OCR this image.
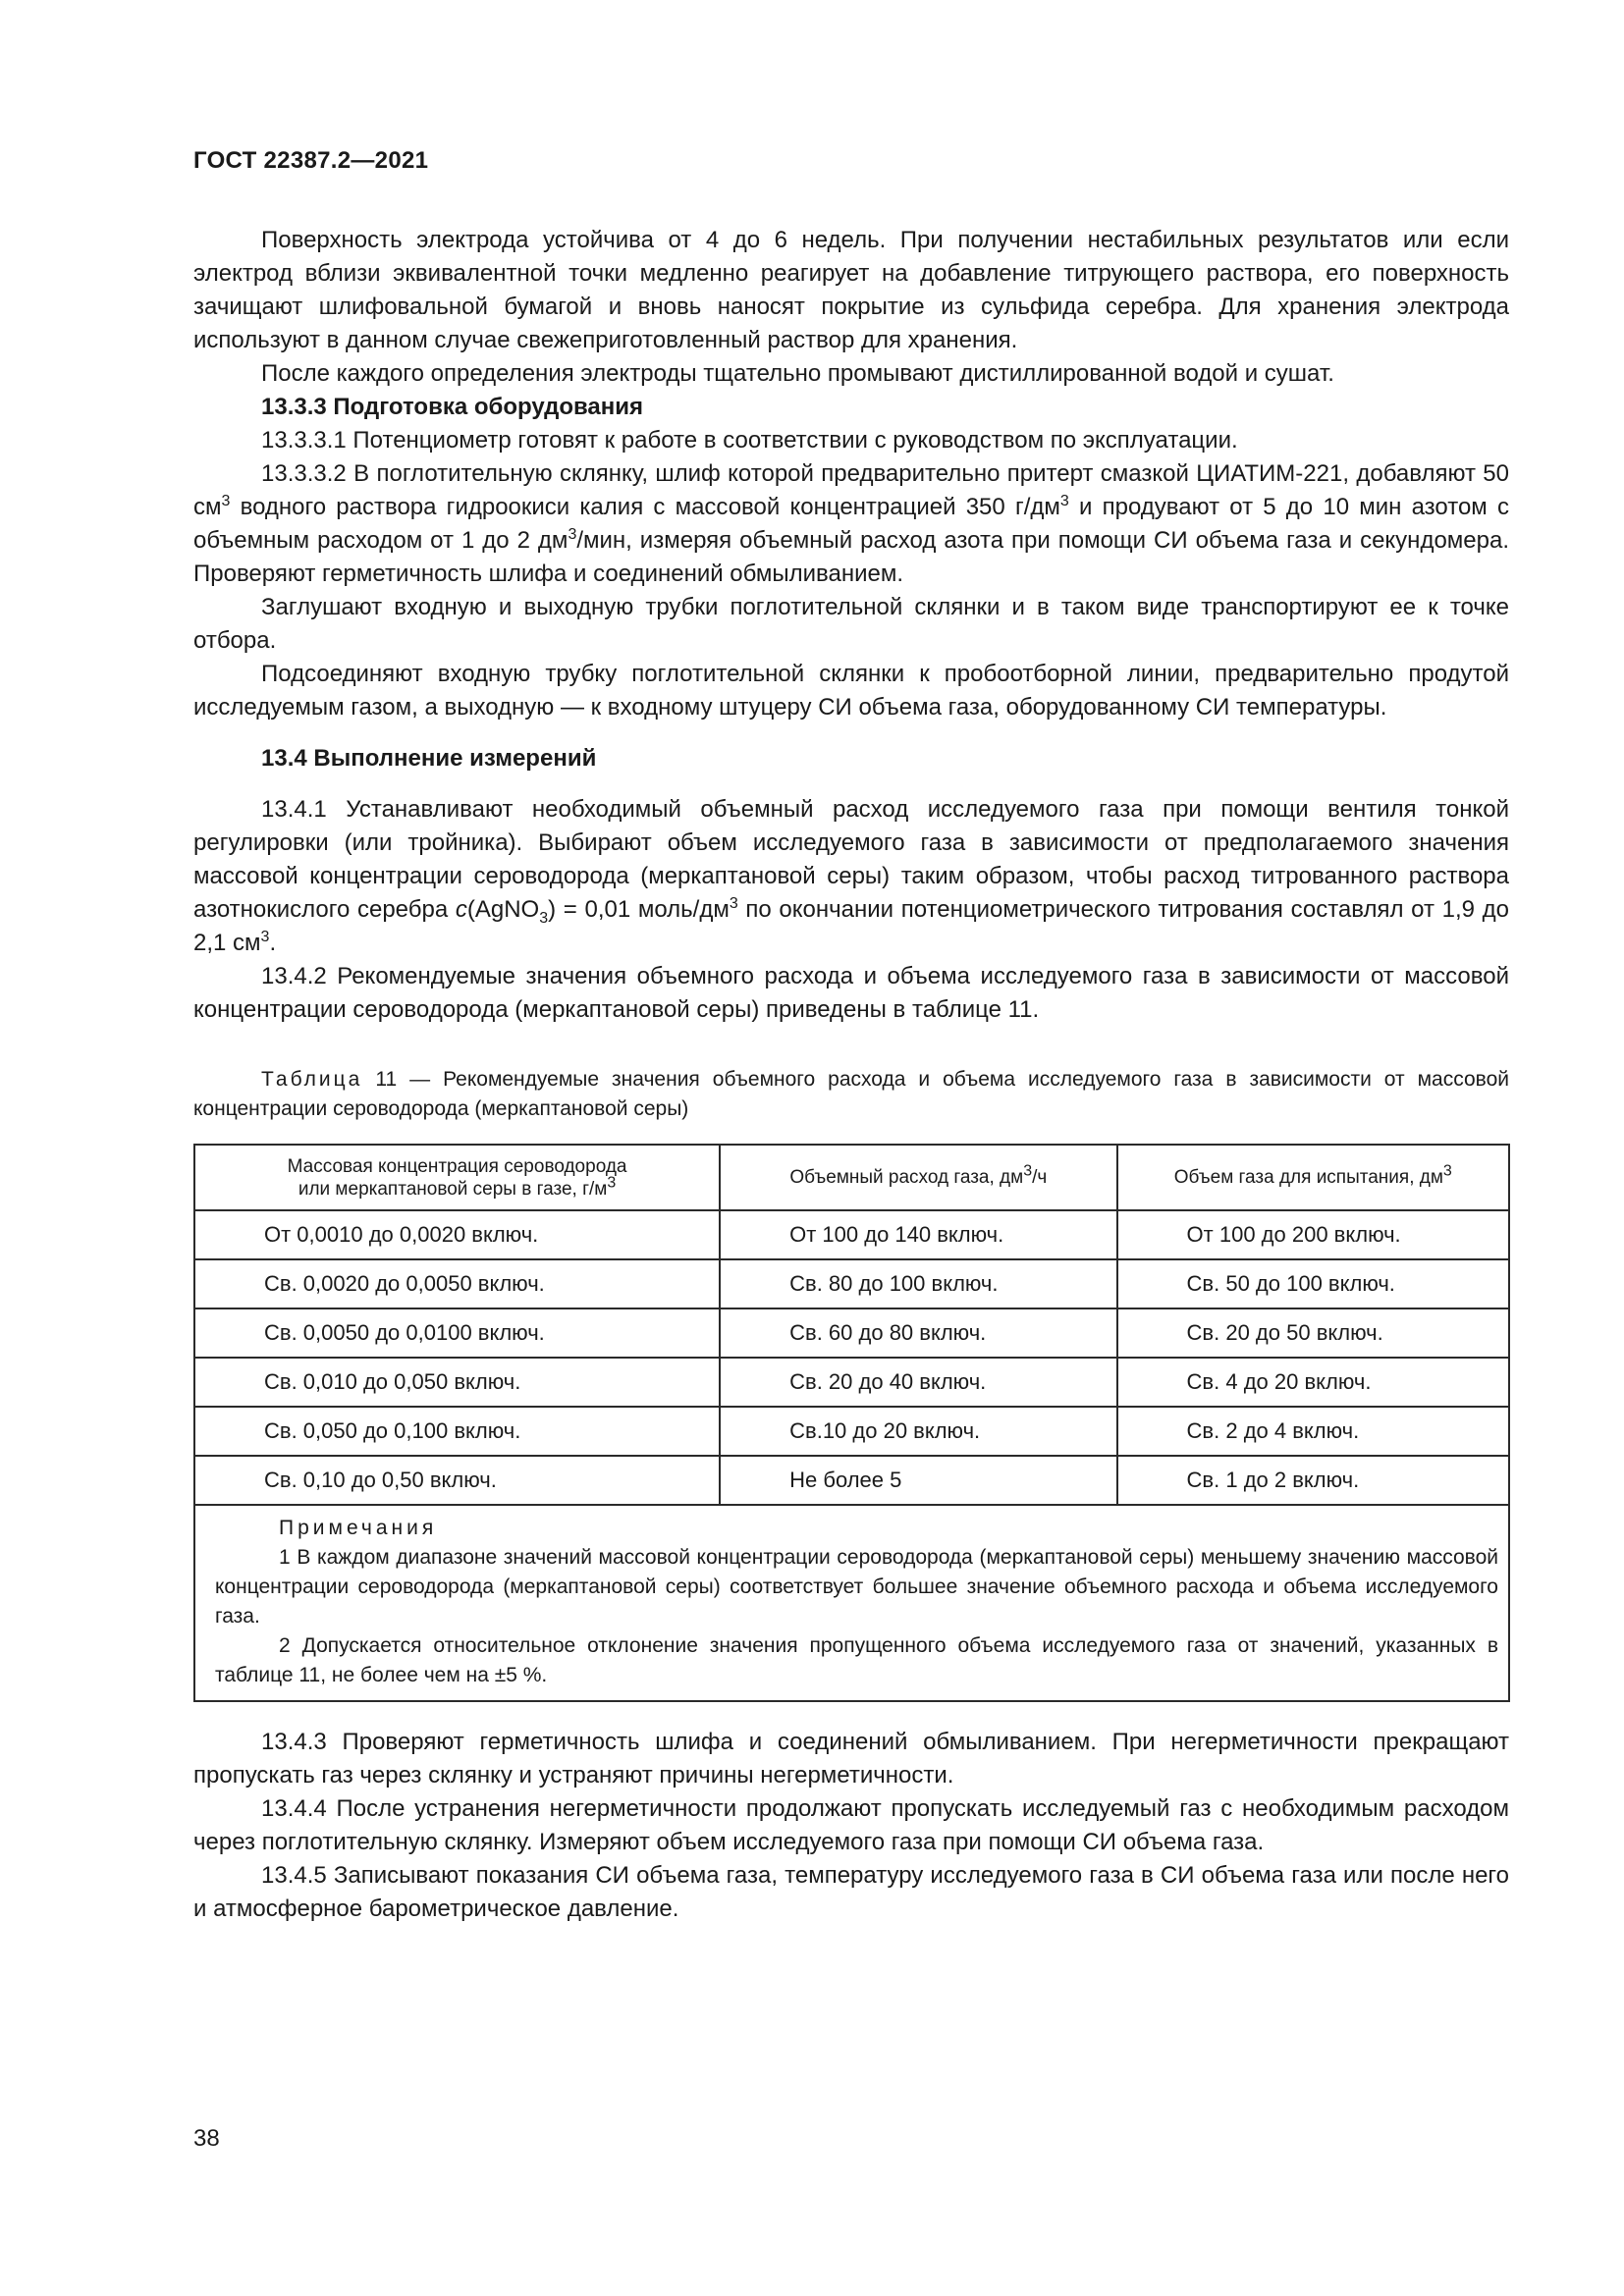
ГОСТ 22387.2—2021

Поверхность электрода устойчива от 4 до 6 недель. При получении нестабильных результатов или если электрод вблизи эквивалентной точки медленно реагирует на добавление титрующего раствора, его поверхность зачищают шлифовальной бумагой и вновь наносят покрытие из сульфида серебра. Для хранения электрода используют в данном случае свежеприготовленный раствор для хранения.

После каждого определения электроды тщательно промывают дистиллированной водой и сушат.

13.3.3 Подготовка оборудования

13.3.3.1 Потенциометр готовят к работе в соответствии с руководством по эксплуатации.

13.3.3.2 В поглотительную склянку, шлиф которой предварительно притерт смазкой ЦИАТИМ-221, добавляют 50 $см^3$ водного раствора гидроокиси калия с массовой концентрацией 350 $г/дм^3$ и продувают от 5 до 10 мин азотом с объемным расходом от 1 до 2 $дм^3$/мин, измеряя объемный расход азота при помощи СИ объема газа и секундомера. Проверяют герметичность шлифа и соединений обмыливанием.

Заглушают входную и выходную трубки поглотительной склянки и в таком виде транспортируют ее к точке отбора.

Подсоединяют входную трубку поглотительной склянки к пробоотборной линии, предварительно продутой исследуемым газом, а выходную — к входному штуцеру СИ объема газа, оборудованному СИ температуры.

13.4 Выполнение измерений

13.4.1 Устанавливают необходимый объемный расход исследуемого газа при помощи вентиля тонкой регулировки (или тройника). Выбирают объем исследуемого газа в зависимости от предполагаемого значения массовой концентрации сероводорода (меркаптановой серы) таким образом, чтобы расход титрованного раствора азотнокислого серебра c(AgNO$_3$) = 0,01 моль/$дм^3$ по окончании потенциометрического титрования составлял от 1,9 до 2,1 $см^3$.

13.4.2 Рекомендуемые значения объемного расхода и объема исследуемого газа в зависимости от массовой концентрации сероводорода (меркаптановой серы) приведены в таблице 11.

Таблица 11 — Рекомендуемые значения объемного расхода и объема исследуемого газа в зависимости от массовой концентрации сероводорода (меркаптановой серы)

Массовая концентрация сероводорода
или меркаптановой серы в газе, $г/м^3$	Объемный расход газа, $дм^3/ч$	Объем газа для испытания, $дм^3$
От 0,0010 до 0,0020 включ.	От 100 до 140 включ.	От 100 до 200 включ.
Св. 0,0020 до 0,0050 включ.	Св. 80 до 100 включ.	Св. 50 до 100 включ.
Св. 0,0050 до 0,0100 включ.	Св. 60 до 80 включ.	Св. 20 до 50 включ.
Св. 0,010 до 0,050 включ.	Св. 20 до 40 включ.	Св. 4 до 20 включ.
Св. 0,050 до 0,100 включ.	Св.10 до 20 включ.	Св. 2 до 4 включ.
Св. 0,10 до 0,50 включ.	Не более 5	Св. 1 до 2 включ.

Примечания

1 В каждом диапазоне значений массовой концентрации сероводорода (меркаптановой серы) меньшему значению массовой концентрации сероводорода (меркаптановой серы) соответствует большее значение объемного расхода и объема исследуемого газа.

2 Допускается относительное отклонение значения пропущенного объема исследуемого газа от значений, указанных в таблице 11, не более чем на ±5 %.		

13.4.3 Проверяют герметичность шлифа и соединений обмыливанием. При негерметичности прекращают пропускать газ через склянку и устраняют причины негерметичности.

13.4.4 После устранения негерметичности продолжают пропускать исследуемый газ с необходимым расходом через поглотительную склянку. Измеряют объем исследуемого газа при помощи СИ объема газа.

13.4.5 Записывают показания СИ объема газа, температуру исследуемого газа в СИ объема газа или после него и атмосферное барометрическое давление.

38
